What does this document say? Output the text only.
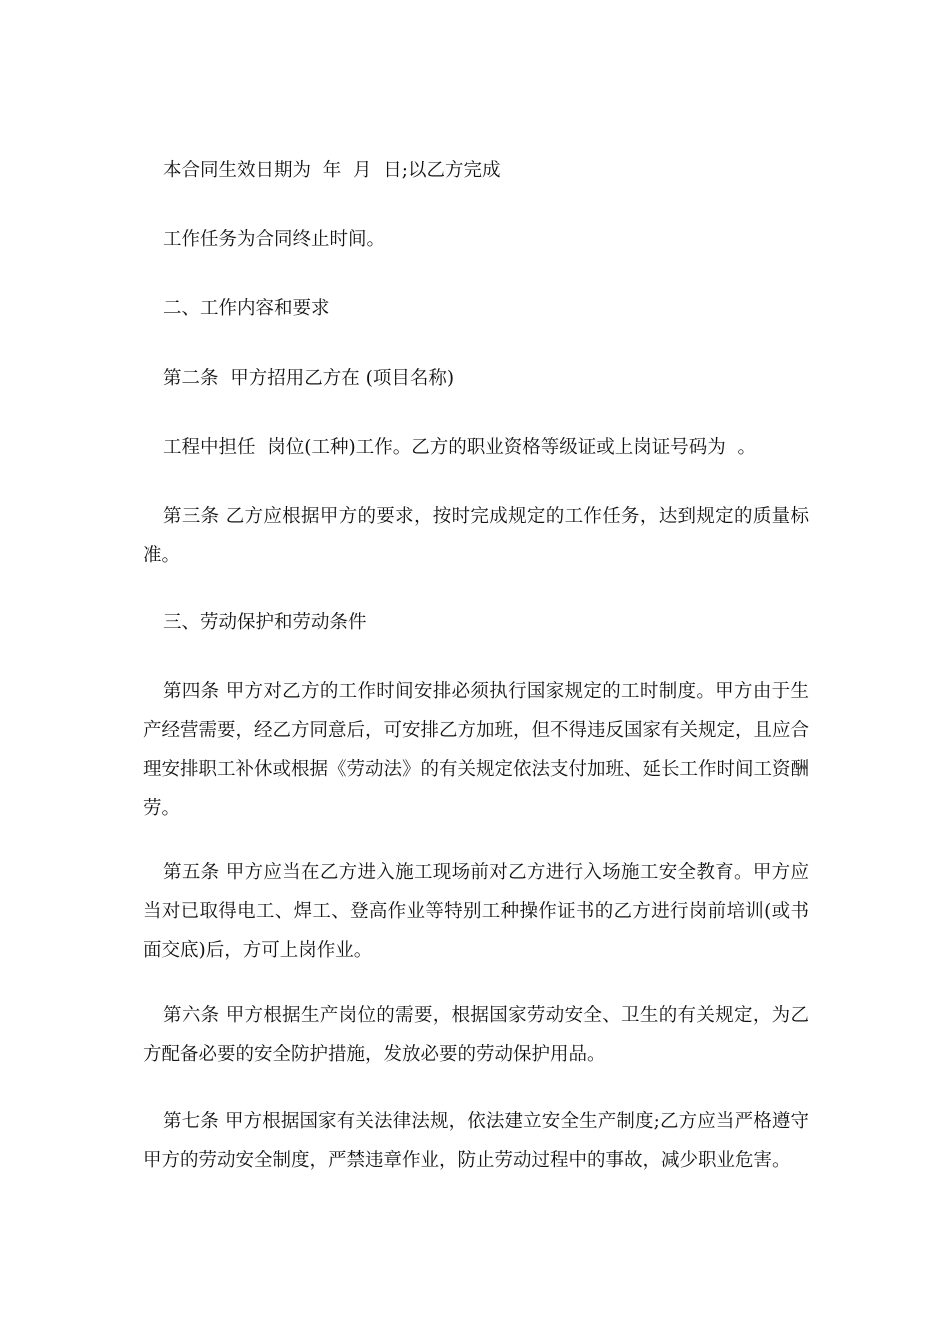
本合同生效日期为  年  月  日;以乙方完成

工作任务为合同终止时间。

二、工作内容和要求

第二条  甲方招用乙方在 (项目名称)

工程中担任  岗位(工种)工作。乙方的职业资格等级证或上岗证号码为  。

第三条 乙方应根据甲方的要求，按时完成规定的工作任务，达到规定的质量标准。

三、劳动保护和劳动条件

第四条 甲方对乙方的工作时间安排必须执行国家规定的工时制度。甲方由于生产经营需要，经乙方同意后，可安排乙方加班，但不得违反国家有关规定，且应合理安排职工补休或根据《劳动法》的有关规定依法支付加班、延长工作时间工资酬劳。

第五条 甲方应当在乙方进入施工现场前对乙方进行入场施工安全教育。甲方应当对已取得电工、焊工、登高作业等特别工种操作证书的乙方进行岗前培训(或书面交底)后，方可上岗作业。

第六条 甲方根据生产岗位的需要，根据国家劳动安全、卫生的有关规定，为乙方配备必要的安全防护措施，发放必要的劳动保护用品。

第七条 甲方根据国家有关法律法规，依法建立安全生产制度;乙方应当严格遵守甲方的劳动安全制度，严禁违章作业，防止劳动过程中的事故，减少职业危害。
